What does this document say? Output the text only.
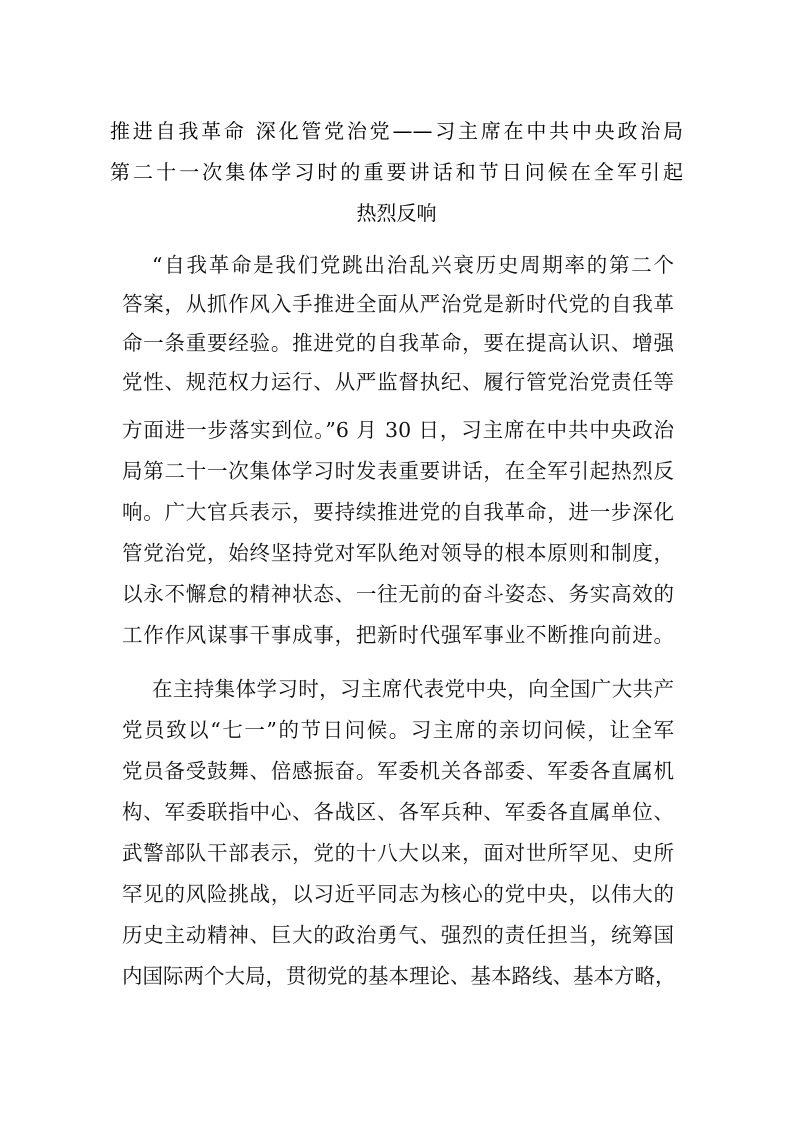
推进自我革命 深化管党治党——习主席在中共中央政治局
第二十一次集体学习时的重要讲话和节日问候在全军引起
热烈反响
“自我革命是我们党跳出治乱兴衰历史周期率的第二个
答案，从抓作风入手推进全面从严治党是新时代党的自我革
命一条重要经验。推进党的自我革命，要在提高认识、增强
党性、规范权力运行、从严监督执纪、履行管党治党责任等
方面进一步落实到位。”6 月 30 日，习主席在中共中央政治
局第二十一次集体学习时发表重要讲话，在全军引起热烈反
响。广大官兵表示，要持续推进党的自我革命，进一步深化
管党治党，始终坚持党对军队绝对领导的根本原则和制度，
以永不懈怠的精神状态、一往无前的奋斗姿态、务实高效的
工作作风谋事干事成事，把新时代强军事业不断推向前进。
在主持集体学习时，习主席代表党中央，向全国广大共产
党员致以“七一”的节日问候。习主席的亲切问候，让全军
党员备受鼓舞、倍感振奋。军委机关各部委、军委各直属机
构、军委联指中心、各战区、各军兵种、军委各直属单位、
武警部队干部表示，党的十八大以来，面对世所罕见、史所
罕见的风险挑战，以习近平同志为核心的党中央，以伟大的
历史主动精神、巨大的政治勇气、强烈的责任担当，统筹国
内国际两个大局，贯彻党的基本理论、基本路线、基本方略，
